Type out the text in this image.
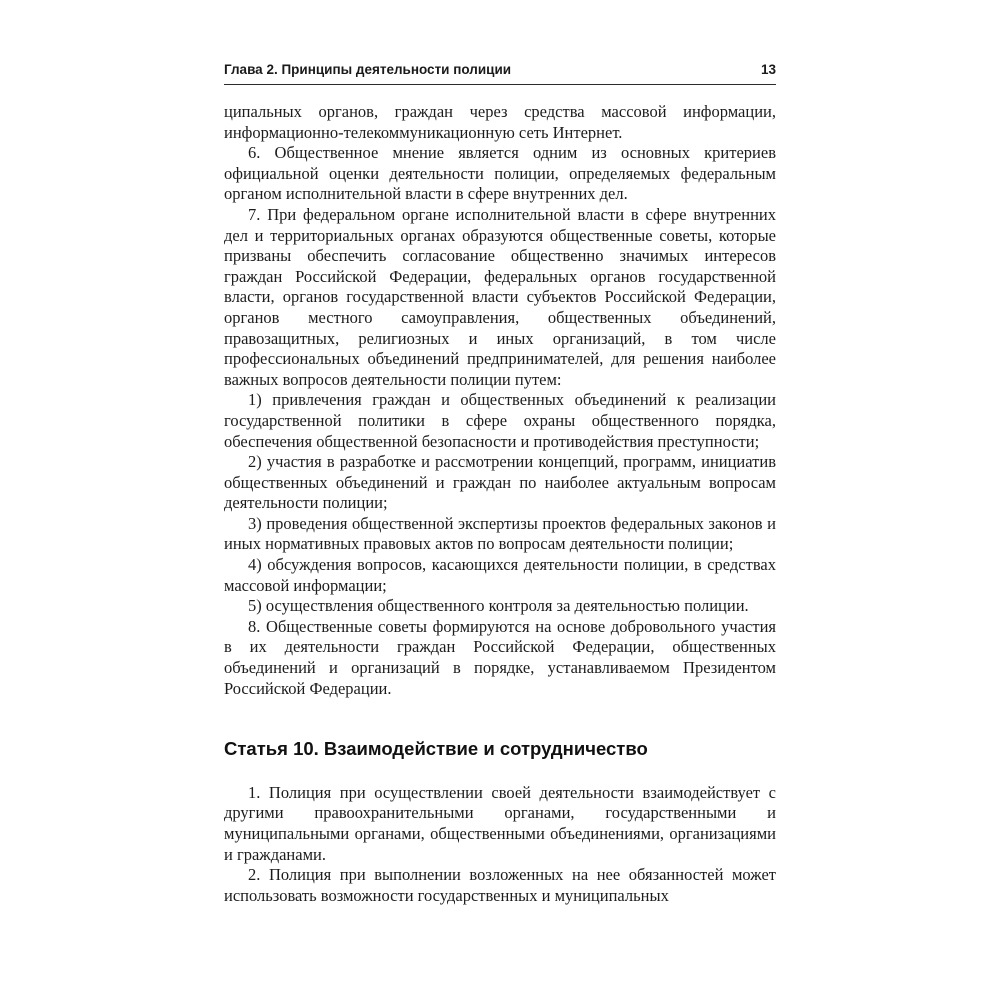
Глава 2. Принципы деятельности полиции	13

ципальных органов, граждан через средства массовой информации, информационно-телекоммуникационную сеть Интернет.

6. Общественное мнение является одним из основных критериев официальной оценки деятельности полиции, определяемых федеральным органом исполнительной власти в сфере внутренних дел.

7. При федеральном органе исполнительной власти в сфере внутренних дел и территориальных органах образуются общественные советы, которые призваны обеспечить согласование общественно значимых интересов граждан Российской Федерации, федеральных органов государственной власти, органов государственной власти субъектов Российской Федерации, органов местного самоуправления, общественных объединений, правозащитных, религиозных и иных организаций, в том числе профессиональных объединений предпринимателей, для решения наиболее важных вопросов деятельности полиции путем:

1) привлечения граждан и общественных объединений к реализации государственной политики в сфере охраны общественного порядка, обеспечения общественной безопасности и противодействия преступности;

2) участия в разработке и рассмотрении концепций, программ, инициатив общественных объединений и граждан по наиболее актуальным вопросам деятельности полиции;

3) проведения общественной экспертизы проектов федеральных законов и иных нормативных правовых актов по вопросам деятельности полиции;

4) обсуждения вопросов, касающихся деятельности полиции, в средствах массовой информации;

5) осуществления общественного контроля за деятельностью полиции.

8. Общественные советы формируются на основе добровольного участия в их деятельности граждан Российской Федерации, общественных объединений и организаций в порядке, устанавливаемом Президентом Российской Федерации.

Статья 10. Взаимодействие и сотрудничество

1. Полиция при осуществлении своей деятельности взаимодействует с другими правоохранительными органами, государственными и муниципальными органами, общественными объединениями, организациями и гражданами.

2. Полиция при выполнении возложенных на нее обязанностей может использовать возможности государственных и муниципальных
